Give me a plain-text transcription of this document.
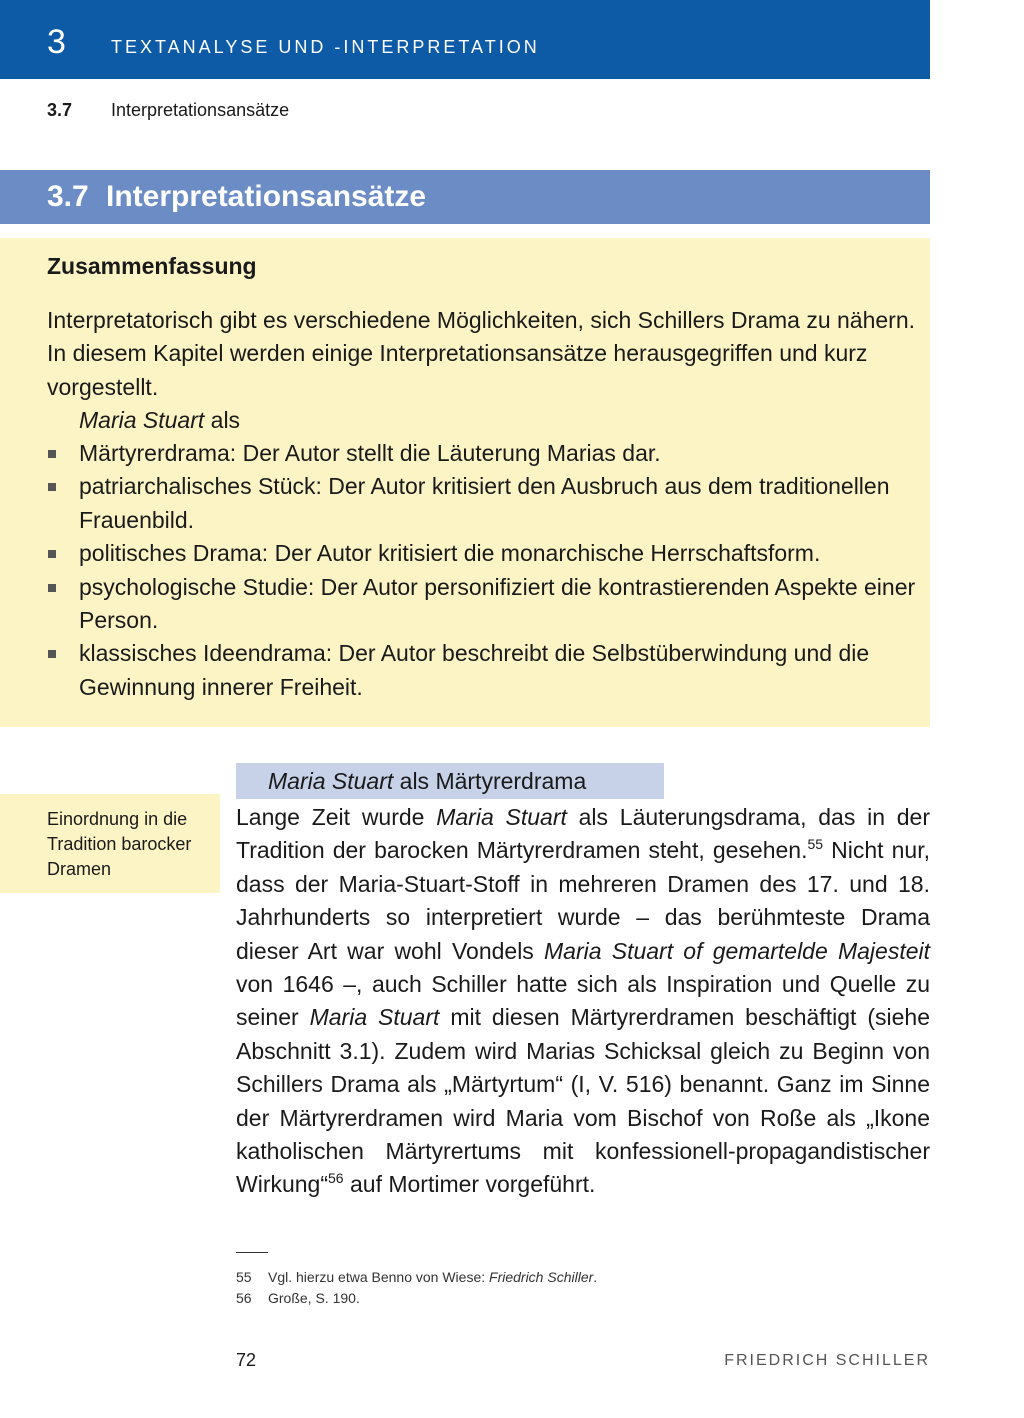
3	TEXTANALYSE UND -INTERPRETATION
3.7 Interpretationsansätze
3.7 Interpretationsansätze
Zusammenfassung

Interpretatorisch gibt es verschiedene Möglichkeiten, sich Schillers Drama zu nähern. In diesem Kapitel werden einige Interpretationsansätze herausgegriffen und kurz vorgestellt.

Maria Stuart als

Märtyrerdrama: Der Autor stellt die Läuterung Marias dar.
patriarchalisches Stück: Der Autor kritisiert den Ausbruch aus dem traditionellen Frauenbild.
politisches Drama: Der Autor kritisiert die monarchische Herrschaftsform.
psychologische Studie: Der Autor personifiziert die kontrastierenden Aspekte einer Person.
klassisches Ideendrama: Der Autor beschreibt die Selbstüberwindung und die Gewinnung innerer Freiheit.
Maria Stuart als Märtyrerdrama

Einordnung in die Tradition barocker Dramen

Lange Zeit wurde Maria Stuart als Läuterungsdrama, das in der Tradition der barocken Märtyrerdramen steht, gesehen.$^{55}$ Nicht nur, dass der Maria-Stuart-Stoff in mehreren Dramen des 17. und 18. Jahrhunderts so interpretiert wurde – das berühmteste Drama dieser Art war wohl Vondels Maria Stuart of gemartelde Majesteit von 1646 –, auch Schiller hatte sich als Inspiration und Quelle zu seiner Maria Stuart mit diesen Märtyrerdramen beschäftigt (siehe Abschnitt 3.1). Zudem wird Marias Schicksal gleich zu Beginn von Schillers Drama als „Märtyrtum“ (I, V. 516) benannt. Ganz im Sinne der Märtyrerdramen wird Maria vom Bischof von Roße als „Ikone katholischen Märtyrertums mit konfessionell-propagandistischer Wirkung“$^{56}$ auf Mortimer vorgeführt.

55 Vgl. hierzu etwa Benno von Wiese: Friedrich Schiller.
56 Große, S. 190.
72	FRIEDRICH SCHILLER
